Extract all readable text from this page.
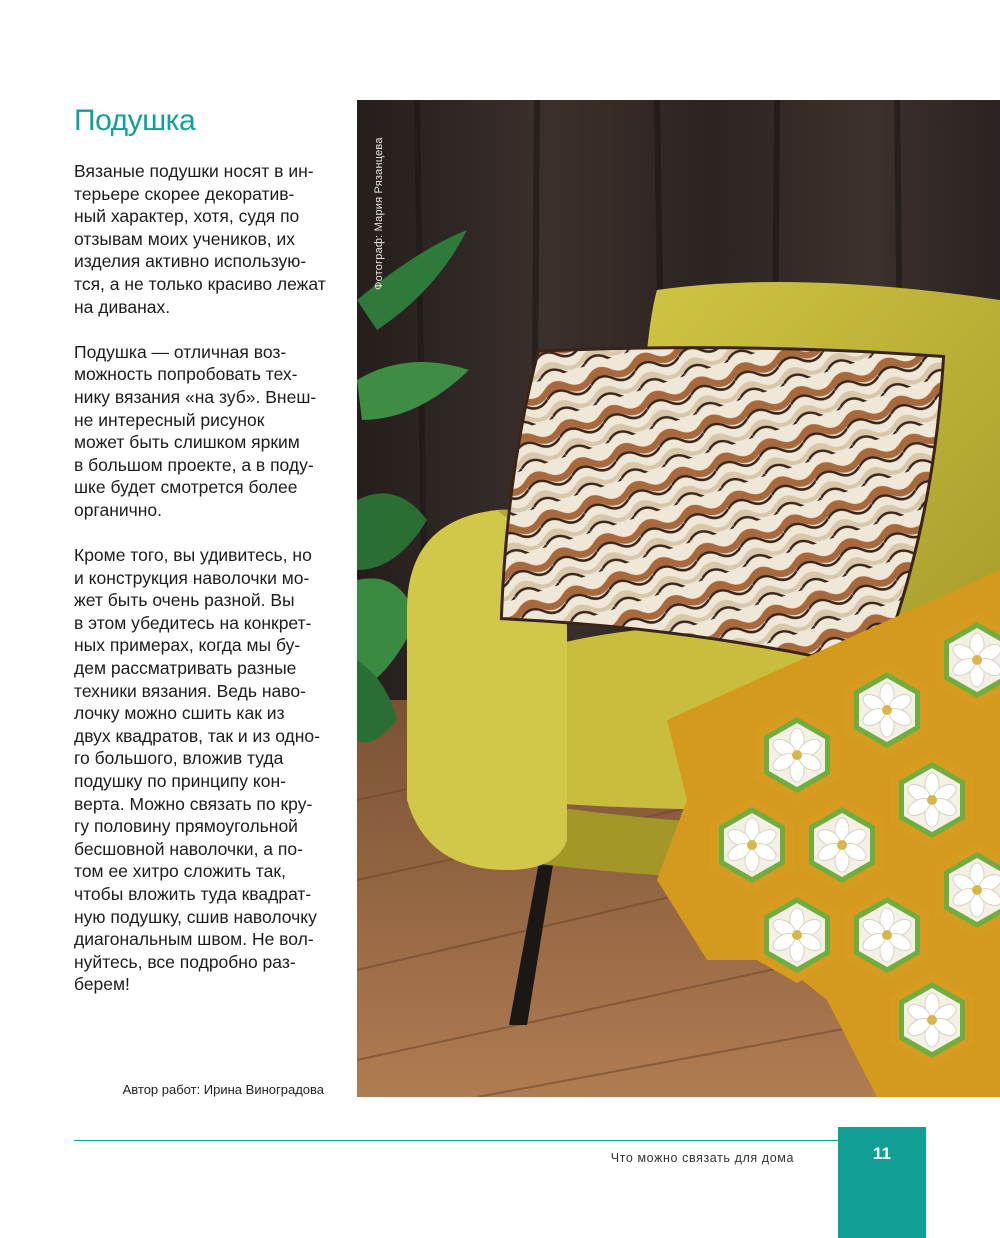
Подушка

Вязаные подушки носят в ин-
терьере скорее декоратив-
ный характер, хотя, судя по
отзывам моих учеников, их
изделия активно использую-
тся, а не только красиво лежат
на диванах.

Подушка — отличная воз-
можность попробовать тех-
нику вязания «на зуб». Внеш-
не интересный рисунок
может быть слишком ярким
в большом проекте, а в поду-
шке будет смотрется более
органично.

Кроме того, вы удивитесь, но
и конструкция наволочки мо-
жет быть очень разной. Вы
в этом убедитесь на конкрет-
ных примерах, когда мы бу-
дем рассматривать разные
техники вязания. Ведь наво-
лочку можно сшить как из
двух квадратов, так и из одно-
го большого, вложив туда
подушку по принципу кон-
верта. Можно связать по кру-
гу половину прямоугольной
бесшовной наволочки, а по-
том ее хитро сложить так,
чтобы вложить туда квадрат-
ную подушку, сшив наволочку
диагональным швом. Не вол-
нуйтесь, все подробно раз-
берем!

Автор работ: Ирина Виноградова
Фотограф: Мария Рязанцева
Что можно связать для дома	11
